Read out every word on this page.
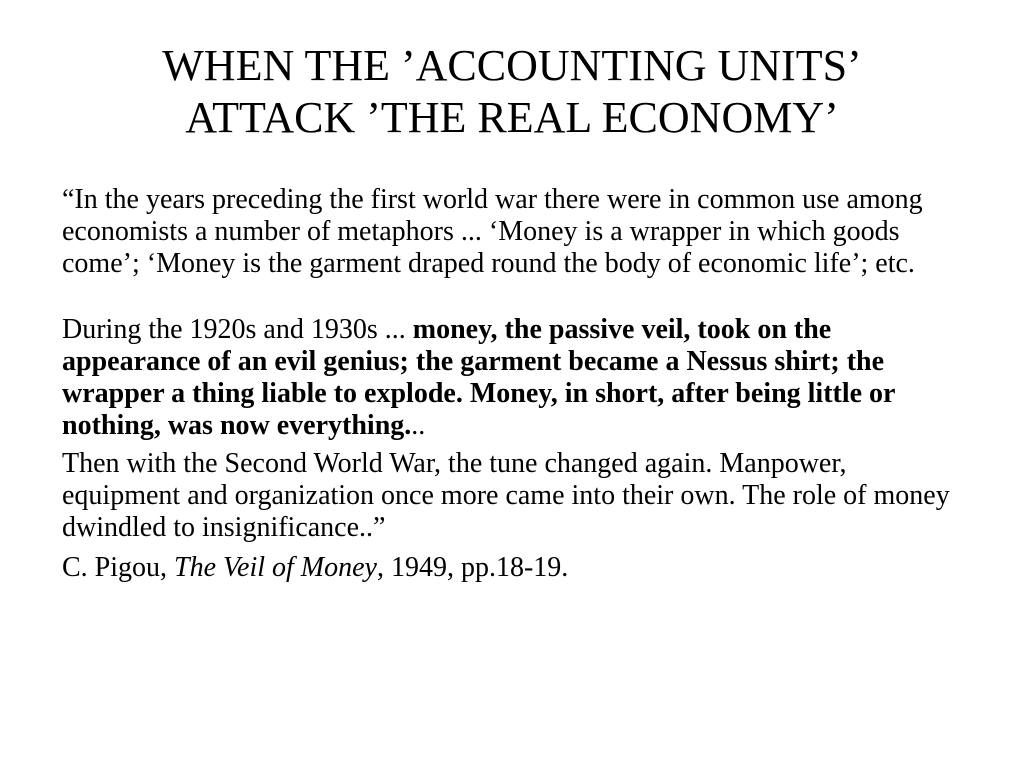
WHEN THE ’ACCOUNTING UNITS’
ATTACK ’THE REAL ECONOMY’

“In the years preceding the first world war there were in common use among economists a number of metaphors ... ‘Money is a wrapper in which goods come’; ‘Money is the garment draped round the body of economic life’; etc.

During the 1920s and 1930s ... money, the passive veil, took on the appearance of an evil genius; the garment became a Nessus shirt; the wrapper a thing liable to explode. Money, in short, after being little or nothing, was now everything...

Then with the Second World War, the tune changed again. Manpower, equipment and organization once more came into their own. The role of money dwindled to insignificance..”

C. Pigou, The Veil of Money, 1949, pp.18-19.
